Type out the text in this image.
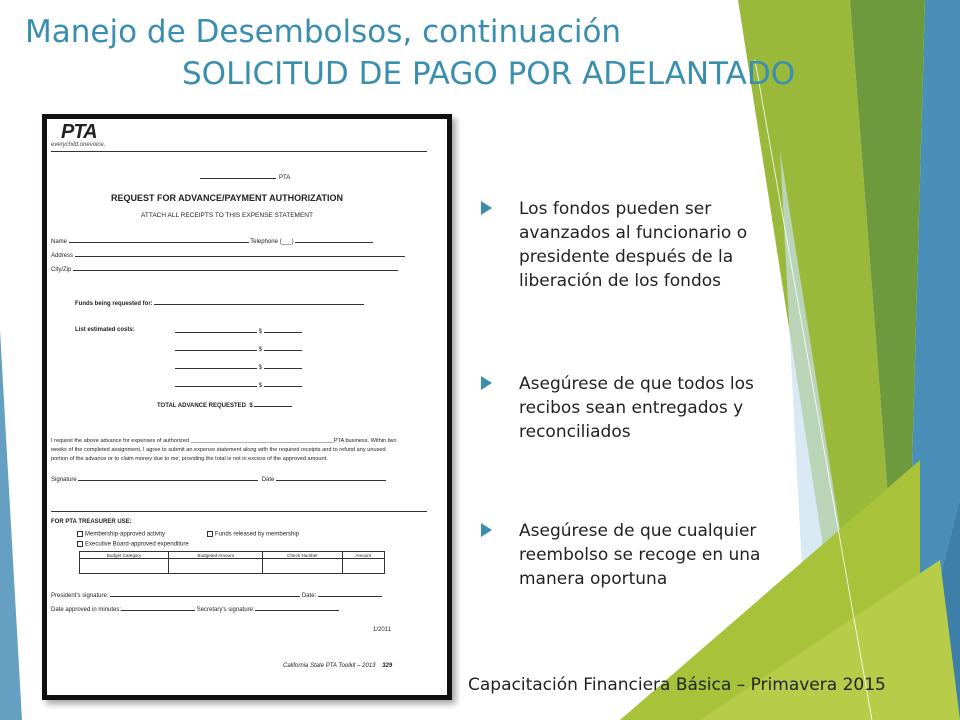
Manejo de Desembolsos, continuación
SOLICITUD DE PAGO POR ADELANTADO
PTA
everychild.onevoice.
PTA
REQUEST FOR ADVANCE/PAYMENT AUTHORIZATION
ATTACH ALL RECEIPTS TO THIS EXPENSE STATEMENT
Name	Telephone (___)
Address
City/Zip
Funds being requested for:
List estimated costs:	$
$
$
$
TOTAL ADVANCE REQUESTED $
I request the above advance for expenses of authorized ______________________________________________PTA business. Within two weeks of the completed assignment, I agree to submit an expense statement along with the required receipts and to refund any unused portion of the advance or to claim money due to me, providing the total is not in excess of the approved amount.
Signature	Date
FOR PTA TREASURER USE:
Membership-approved activity	Funds released by membership
Executive Board-approved expenditure
Budget Category	Budgeted Amount	Check Number	Amount

President's signature:	Date:
Date approved in minutes:	Secretary's signature:
1/2011
California State PTA Toolkit – 2013 329
Los fondos pueden ser avanzados al funcionario o presidente después de la liberación de los fondos
Asegúrese de que todos los recibos sean entregados y reconciliados
Asegúrese de que cualquier reembolso se recoge en una manera oportuna
Capacitación Financiera Básica – Primavera 2015
